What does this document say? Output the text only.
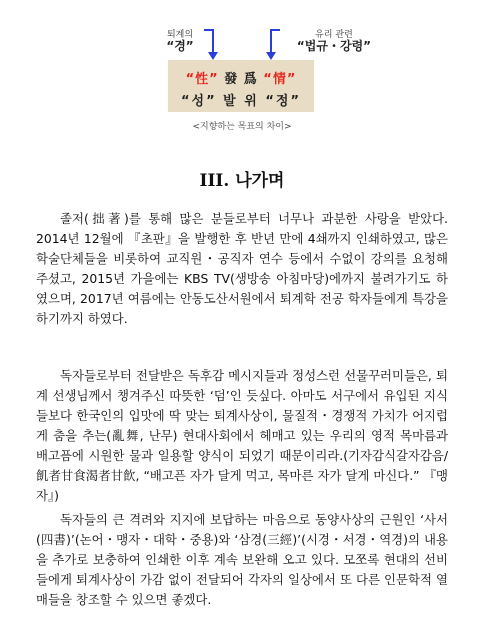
퇴계의
“경”
유리 관련
“법규・강령”
“性” 發 爲 “情”
“성” 발 위 “정”
<지향하는 목표의 차이>
III. 나가며

졸저(拙著)를 통해 많은 분들로부터 너무나 과분한 사랑을 받았다. 2014년 12월에 『초판』을 발행한 후 반년 만에 4쇄까지 인쇄하였고, 많은 학술단체들을 비롯하여 교직원・공직자 연수 등에서 수없이 강의를 요청해 주셨고, 2015년 가을에는 KBS TV(생방송 아침마당)에까지 불려가기도 하였으며, 2017년 여름에는 안동도산서원에서 퇴계학 전공 학자들에게 특강을 하기까지 하였다.

독자들로부터 전달받은 독후감 메시지들과 정성스런 선물꾸러미들은, 퇴계 선생님께서 챙겨주신 따뜻한 ‘덤’인 듯싶다. 아마도 서구에서 유입된 지식들보다 한국인의 입맛에 딱 맞는 퇴계사상이, 물질적・경쟁적 가치가 어지럽게 춤을 추는(亂舞, 난무) 현대사회에서 헤매고 있는 우리의 영적 목마름과 배고픔에 시원한 물과 일용할 양식이 되었기 때문이리라.(기자감식갈자감음/飢者甘食渴者甘飮, “배고픈 자가 달게 먹고, 목마른 자가 달게 마신다.” 『맹자』)

독자들의 큰 격려와 지지에 보답하는 마음으로 동양사상의 근원인 ‘사서(四書)’(논어・맹자・대학・중용)와 ‘삼경(三經)’(시경・서경・역경)의 내용을 추가로 보충하여 인쇄한 이후 계속 보완해 오고 있다. 모쪼록 현대의 선비들에게 퇴계사상이 가감 없이 전달되어 각자의 일상에서 또 다른 인문학적 열매들을 창조할 수 있으면 좋겠다.
